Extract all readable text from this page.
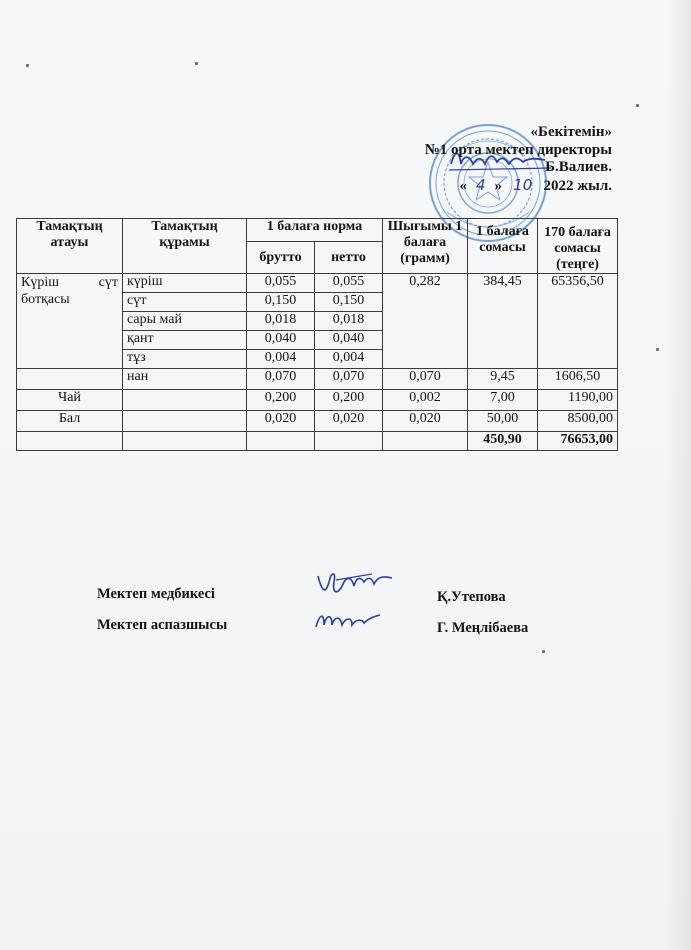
«Бекітемін»
№1 орта мектеп директоры
Б.Валиев.
« 4 » 10 2022 жыл.
Тамақтың атауы	Тамақтың құрамы	1 балаға норма		Шығымы 1 балаға (грамм)	1 балаға сомасы	170 балаға сомасы (теңге)
		брутто	нетто			
Күріш сүт ботқасы	күріш	0,055	0,055	0,282	384,45	65356,50
	сүт	0,150	0,150			
	сары май	0,018	0,018			
	қант	0,040	0,040			
	тұз	0,004	0,004			
	нан	0,070	0,070	0,070	9,45	1606,50
Чай		0,200	0,200	0,002	7,00	1190,00
Бал		0,020	0,020	0,020	50,00	8500,00
					450,90	76653,00
Мектеп медбикесі	Қ.Утепова
Мектеп аспазшысы	Г. Меңлібаева
